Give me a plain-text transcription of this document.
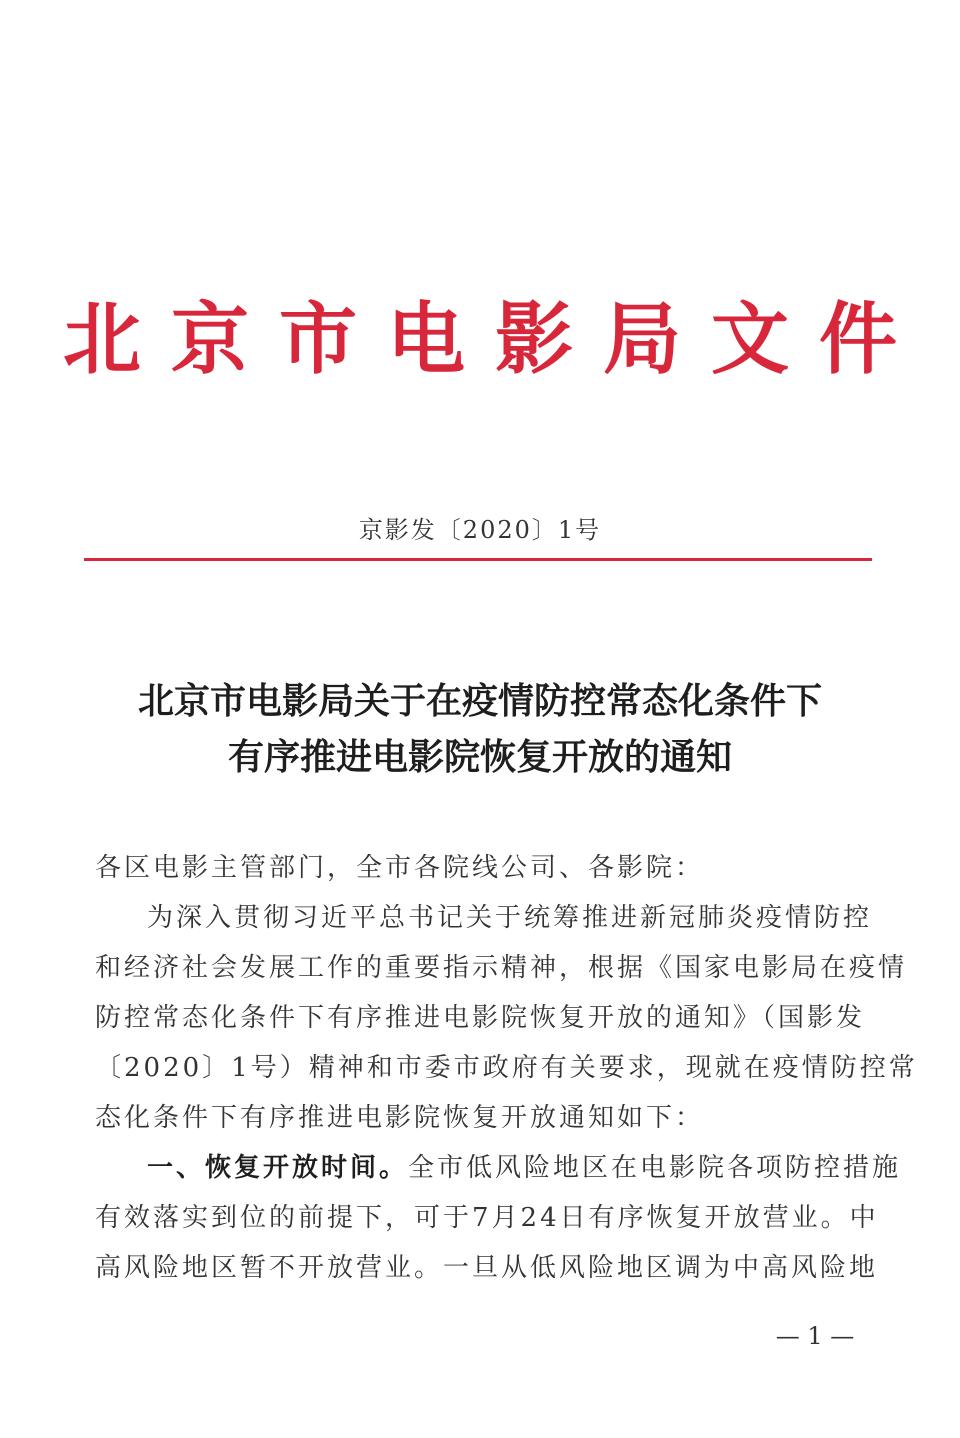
北京市电影局文件
京影发〔2020〕1号
北京市电影局关于在疫情防控常态化条件下
有序推进电影院恢复开放的通知
各区电影主管部门，全市各院线公司、各影院：
为深入贯彻习近平总书记关于统筹推进新冠肺炎疫情防控
和经济社会发展工作的重要指示精神，根据《国家电影局在疫情
防控常态化条件下有序推进电影院恢复开放的通知》（国影发
〔2020〕1号）精神和市委市政府有关要求，现就在疫情防控常
态化条件下有序推进电影院恢复开放通知如下：
一、恢复开放时间。全市低风险地区在电影院各项防控措施
有效落实到位的前提下，可于7月24日有序恢复开放营业。中
高风险地区暂不开放营业。一旦从低风险地区调为中高风险地
— 1 —
